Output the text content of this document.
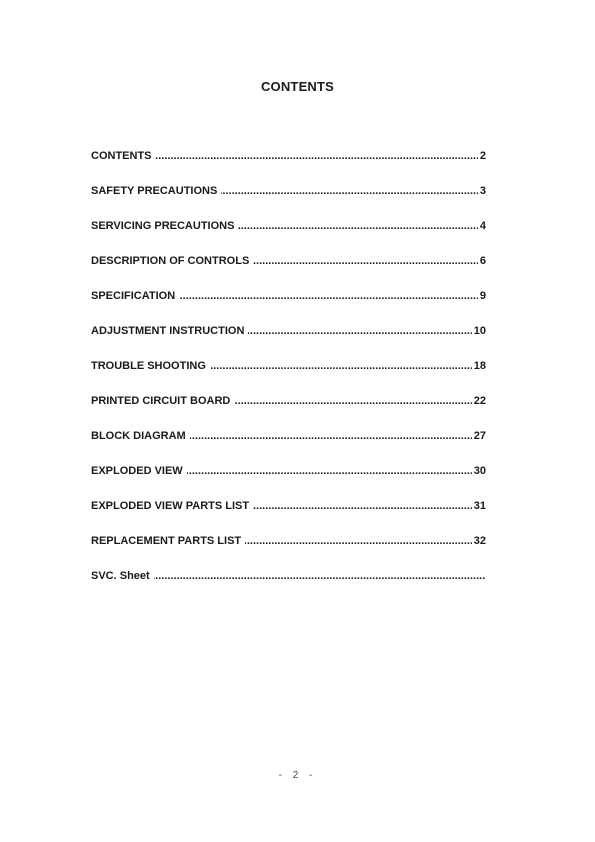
CONTENTS
.....
CONTENTS	2
.....
SAFETY PRECAUTIONS	3
.....
SERVICING PRECAUTIONS	4
.....
DESCRIPTION OF CONTROLS	6
.....
SPECIFICATION	9
.....
ADJUSTMENT INSTRUCTION	10
.....
TROUBLE SHOOTING	18
.....
PRINTED CIRCUIT BOARD	22
.....
BLOCK DIAGRAM	27
.....
EXPLODED VIEW	30
.....
EXPLODED VIEW PARTS LIST	31
.....
REPLACEMENT PARTS LIST	32
.....
SVC. Sheet
- 2 -
